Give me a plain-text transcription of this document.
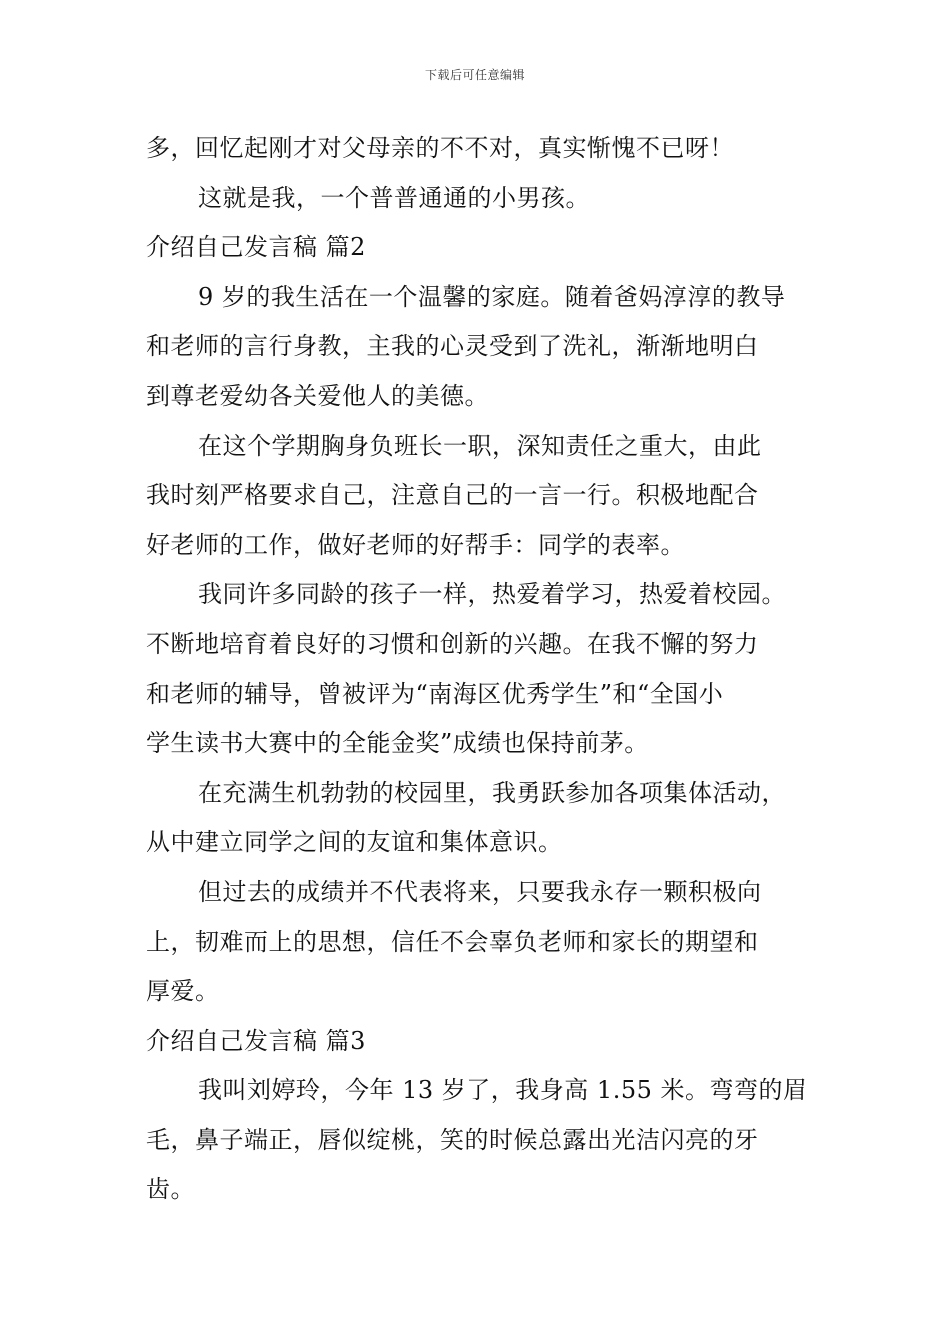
下载后可任意编辑
多，回忆起刚才对父母亲的不不对，真实惭愧不已呀！
这就是我，一个普普通通的小男孩。
介绍自己发言稿 篇2
9 岁的我生活在一个温馨的家庭。随着爸妈淳淳的教导
和老师的言行身教，主我的心灵受到了洗礼，渐渐地明白
到尊老爱幼各关爱他人的美德。
在这个学期胸身负班长一职，深知责任之重大，由此
我时刻严格要求自己，注意自己的一言一行。积极地配合
好老师的工作，做好老师的好帮手：同学的表率。
我同许多同龄的孩子一样，热爱着学习，热爱着校园。
不断地培育着良好的习惯和创新的兴趣。在我不懈的努力
和老师的辅导，曾被评为“南海区优秀学生”和“全国小
学生读书大赛中的全能金奖”成绩也保持前茅。
在充满生机勃勃的校园里，我勇跃参加各项集体活动，
从中建立同学之间的友谊和集体意识。
但过去的成绩并不代表将来，只要我永存一颗积极向
上，韧难而上的思想，信任不会辜负老师和家长的期望和
厚爱。
介绍自己发言稿 篇3
我叫刘婷玲，今年 13 岁了，我身高 1.55 米。弯弯的眉
毛，鼻子端正，唇似绽桃，笑的时候总露出光洁闪亮的牙
齿。
